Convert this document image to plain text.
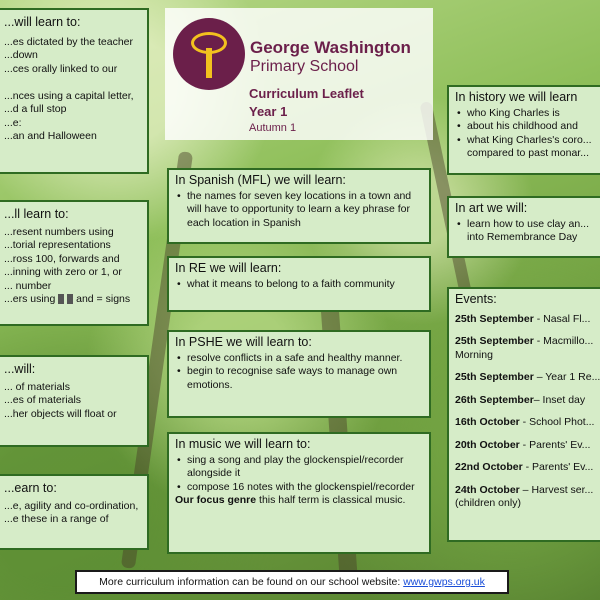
George Washington
Primary School
Curriculum Leaflet
Year 1
Autumn 1
...will learn to:

...es dictated by the teacher

...down

...ces orally linked to our

...nces using a capital letter,

...d a full stop

...e:

...an and Halloween

...ll learn to:

...resent numbers using

...torial representations

...ross 100, forwards and

...inning with zero or 1, or

... number

...ers using   and = signs

...will:

... of materials

...es of materials

...her objects will float or

...earn to:

...e, agility and co-ordination,

...e these in a range of

In Spanish (MFL) we will learn:
• the names for seven key locations in a town and will have to opportunity to learn a key phrase for each location in Spanish
In RE we will learn:
• what it means to belong to a faith community
In PSHE we will learn to:
• resolve conflicts in a safe and healthy manner.
• begin to recognise safe ways to manage own emotions.
In music we will learn to:
• sing a song and play the glockenspiel/recorder alongside it
• compose 16 notes with the glockenspiel/recorder
Our focus genre this half term is classical music.
In history we will learn
• who King Charles is
• about his childhood and
• what King Charles's coro... compared to past monar...
In art we will:
• learn how to use clay an... into Remembrance Day
Events:
25th September - Nasal Fl...
25th September - Macmillo... Morning
25th September – Year 1 Re...
26th September– Inset day
16th October - School Phot...
20th October - Parents' Ev...
22nd October - Parents' Ev...
24th October – Harvest ser... (children only)
More curriculum information can be found on our school website: www.gwps.org.uk
